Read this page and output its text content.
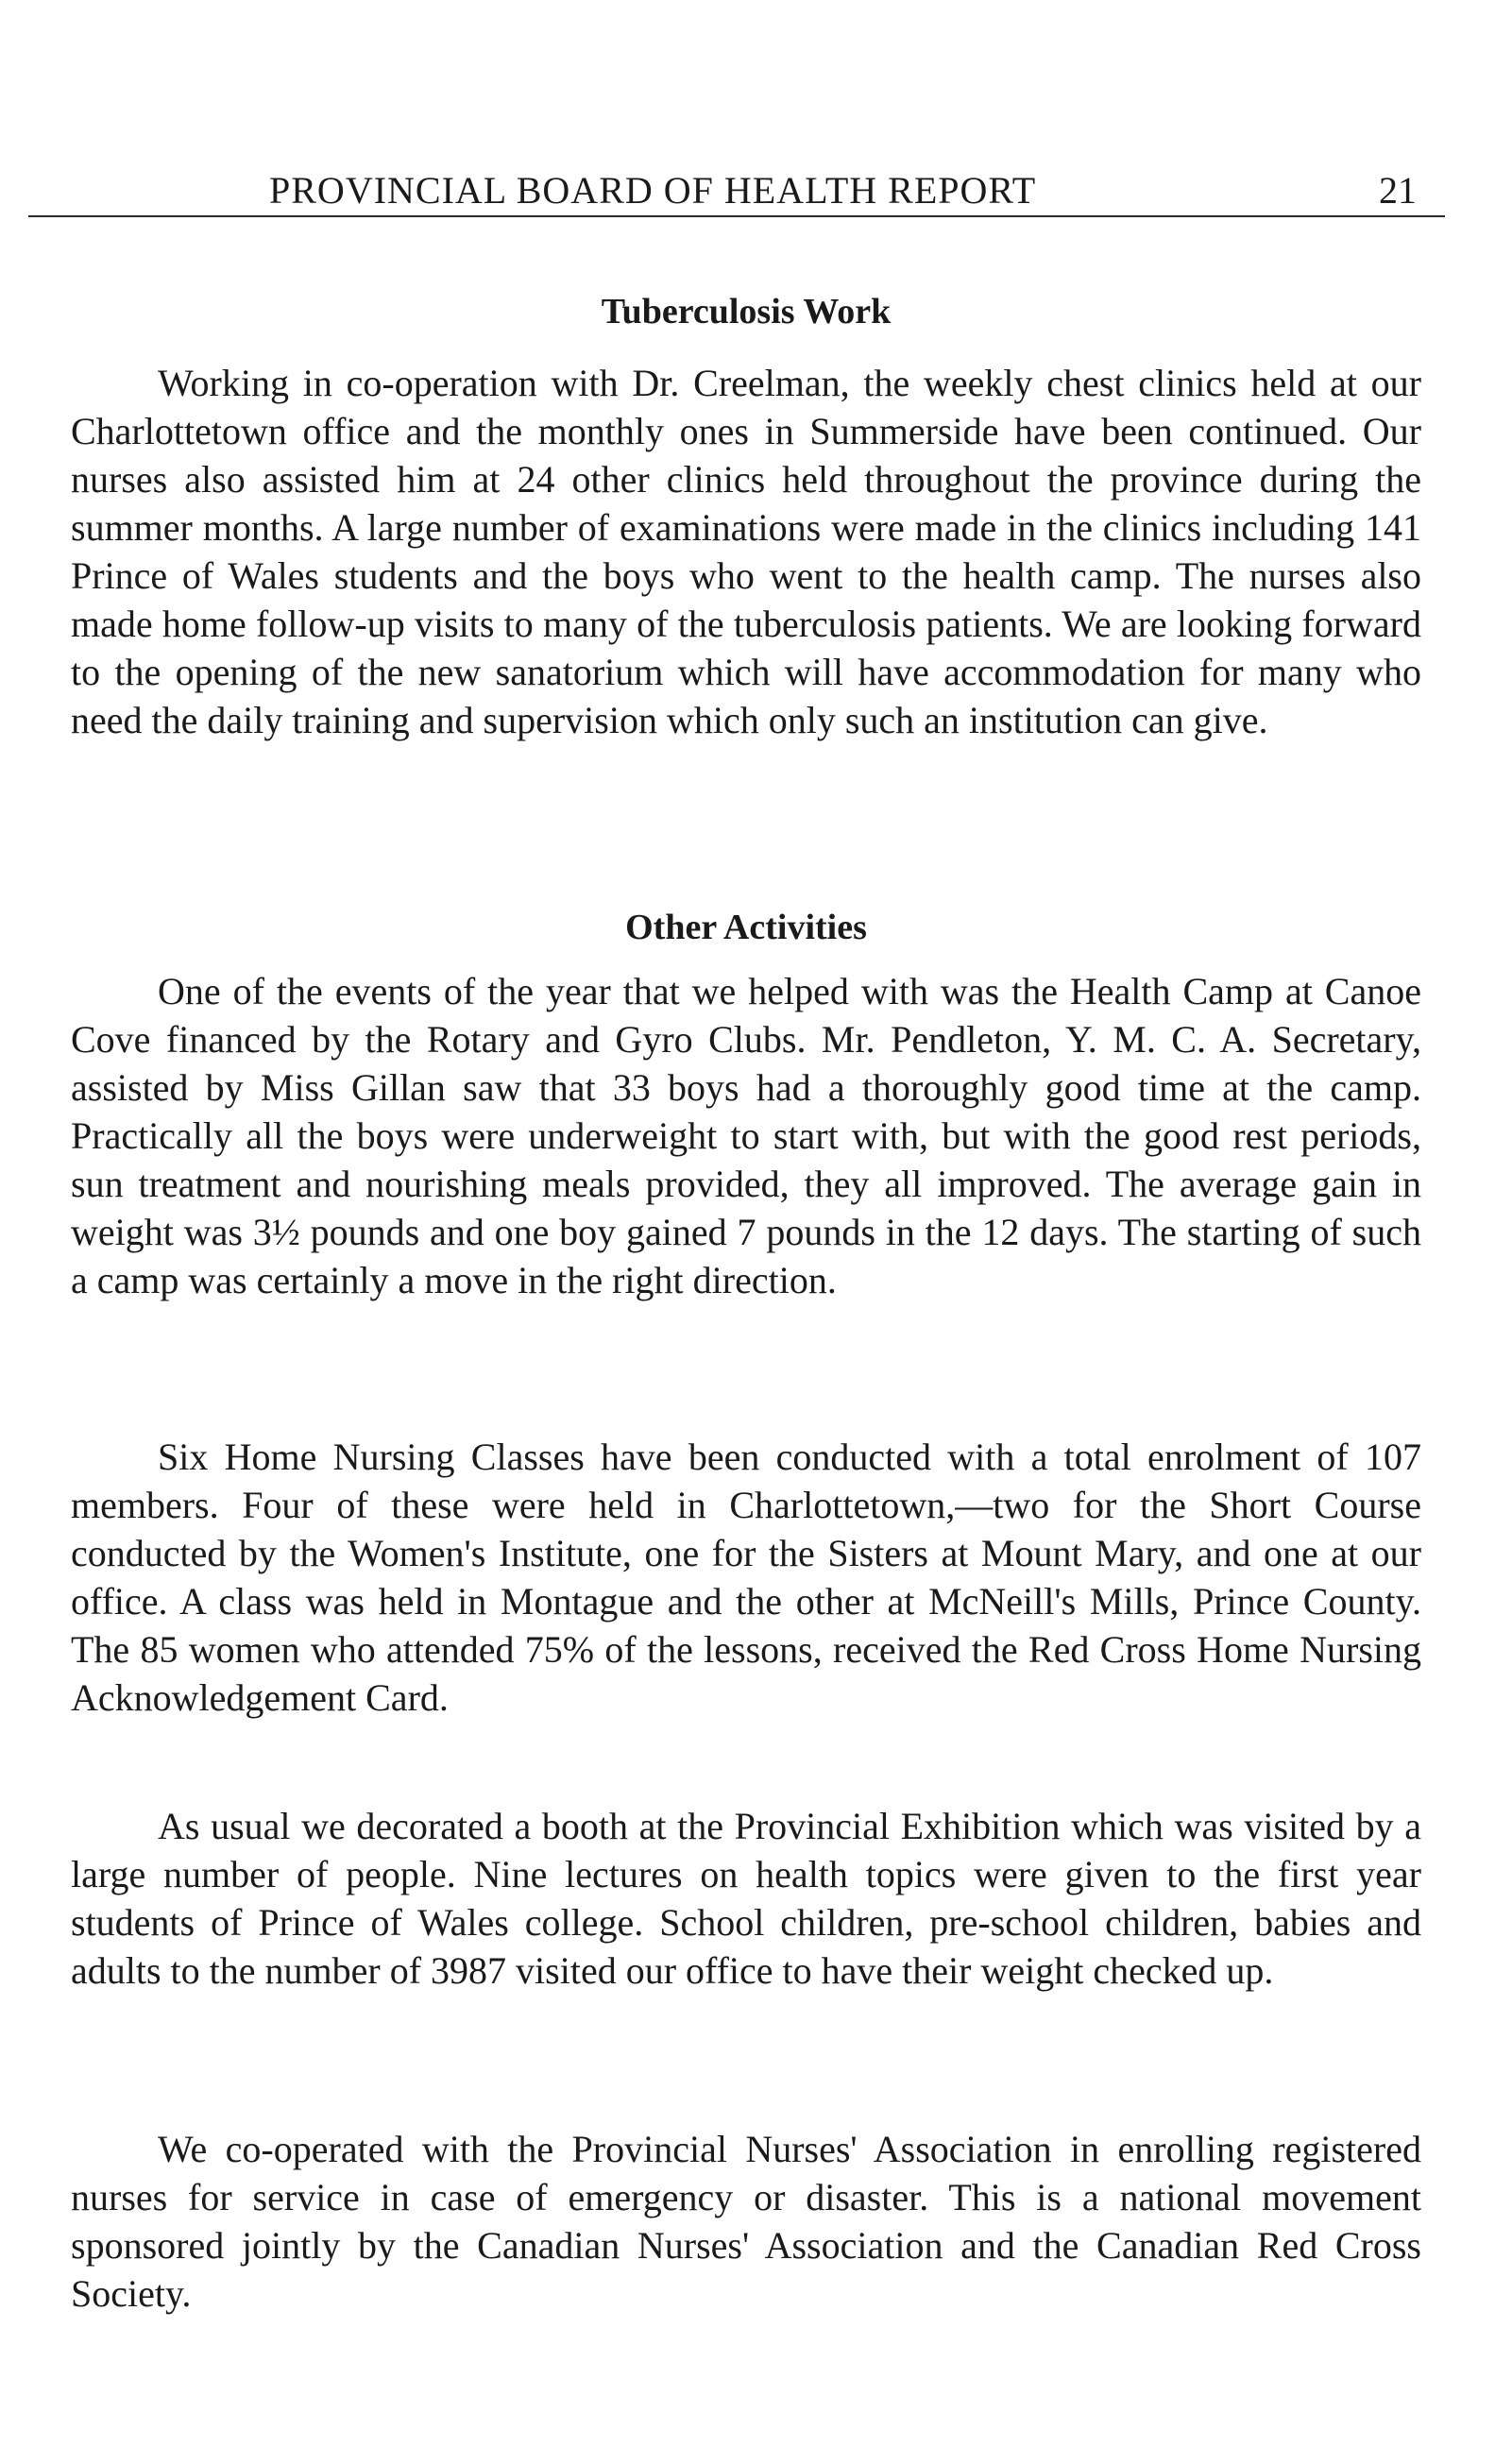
PROVINCIAL BOARD OF HEALTH REPORT	21
Tuberculosis Work

Working in co-operation with Dr. Creelman, the weekly chest clinics held at our Charlottetown office and the monthly ones in Summerside have been continued. Our nurses also assisted him at 24 other clinics held throughout the province during the summer months. A large number of examinations were made in the clinics including 141 Prince of Wales students and the boys who went to the health camp. The nurses also made home follow-up visits to many of the tuberculosis patients. We are looking forward to the opening of the new sanatorium which will have accommodation for many who need the daily training and supervision which only such an institution can give.

Other Activities

One of the events of the year that we helped with was the Health Camp at Canoe Cove financed by the Rotary and Gyro Clubs. Mr. Pendleton, Y. M. C. A. Secretary, assisted by Miss Gillan saw that 33 boys had a thoroughly good time at the camp. Practically all the boys were underweight to start with, but with the good rest periods, sun treatment and nourishing meals provided, they all improved. The average gain in weight was 3½ pounds and one boy gained 7 pounds in the 12 days. The starting of such a camp was certainly a move in the right direction.

Six Home Nursing Classes have been conducted with a total enrolment of 107 members. Four of these were held in Charlottetown,—two for the Short Course conducted by the Women's Institute, one for the Sisters at Mount Mary, and one at our office. A class was held in Montague and the other at McNeill's Mills, Prince County. The 85 women who attended 75% of the lessons, received the Red Cross Home Nursing Acknowledgement Card.

As usual we decorated a booth at the Provincial Exhibition which was visited by a large number of people. Nine lectures on health topics were given to the first year students of Prince of Wales college. School children, pre-school children, babies and adults to the number of 3987 visited our office to have their weight checked up.

We co-operated with the Provincial Nurses' Association in enrolling registered nurses for service in case of emergency or disaster. This is a national movement sponsored jointly by the Canadian Nurses' Association and the Canadian Red Cross Society.
